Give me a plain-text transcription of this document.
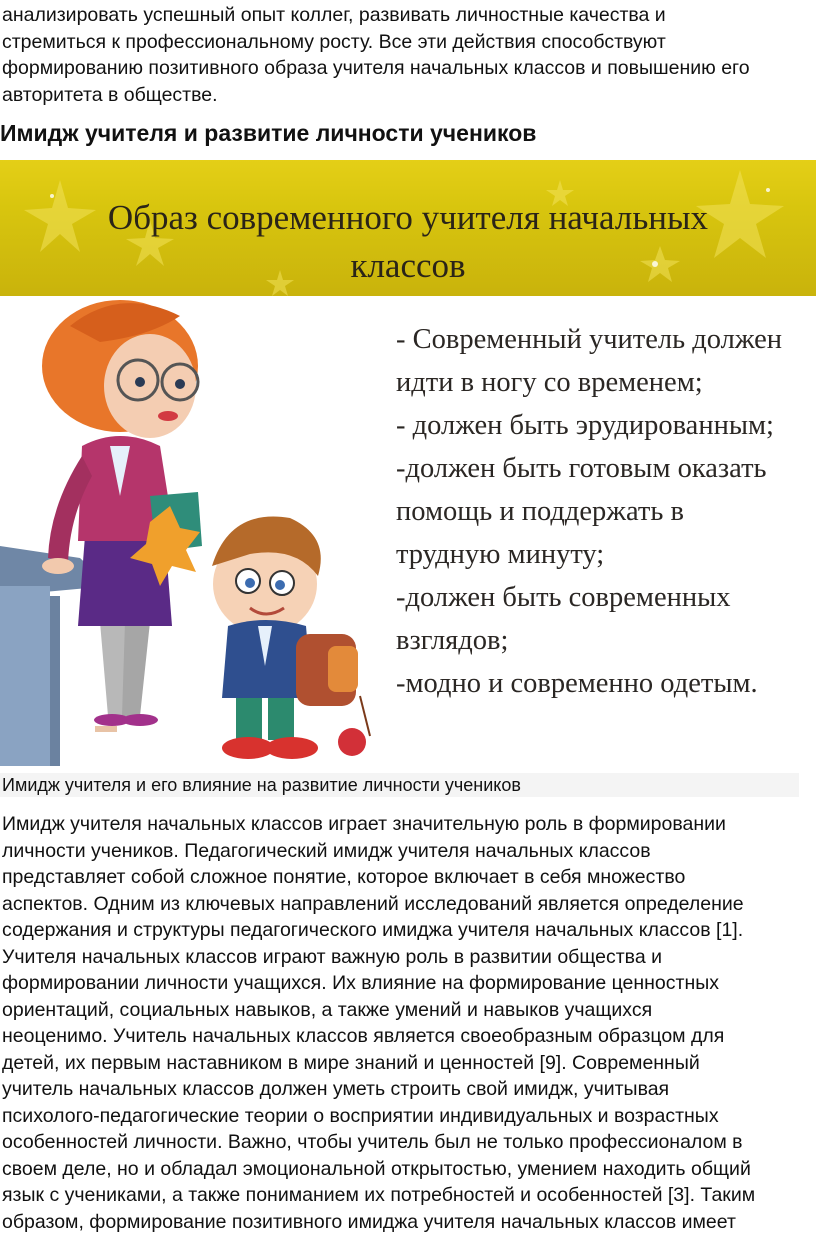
анализировать успешный опыт коллег, развивать личностные качества и
стремиться к профессиональному росту. Все эти действия способствуют
формированию позитивного образа учителя начальных классов и повышению его
авторитета в обществе.
Имидж учителя и развитие личности учеников
Образ современного учителя начальных
классов
- Современный учитель должен
идти в ногу со временем;
- должен быть эрудированным;
-должен быть готовым оказать
помощь и поддержать в
трудную минуту;
-должен быть современных
взглядов;
-модно и современно одетым.
Имидж учителя и его влияние на развитие личности учеников
Имидж учителя начальных классов играет значительную роль в формировании
личности учеников. Педагогический имидж учителя начальных классов
представляет собой сложное понятие, которое включает в себя множество
аспектов. Одним из ключевых направлений исследований является определение
содержания и структуры педагогического имиджа учителя начальных классов [1].
Учителя начальных классов играют важную роль в развитии общества и
формировании личности учащихся. Их влияние на формирование ценностных
ориентаций, социальных навыков, а также умений и навыков учащихся
неоценимо. Учитель начальных классов является своеобразным образцом для
детей, их первым наставником в мире знаний и ценностей [9]. Современный
учитель начальных классов должен уметь строить свой имидж, учитывая
психолого-педагогические теории о восприятии индивидуальных и возрастных
особенностей личности. Важно, чтобы учитель был не только профессионалом в
своем деле, но и обладал эмоциональной открытостью, умением находить общий
язык с учениками, а также пониманием их потребностей и особенностей [3]. Таким
образом, формирование позитивного имиджа учителя начальных классов имеет
